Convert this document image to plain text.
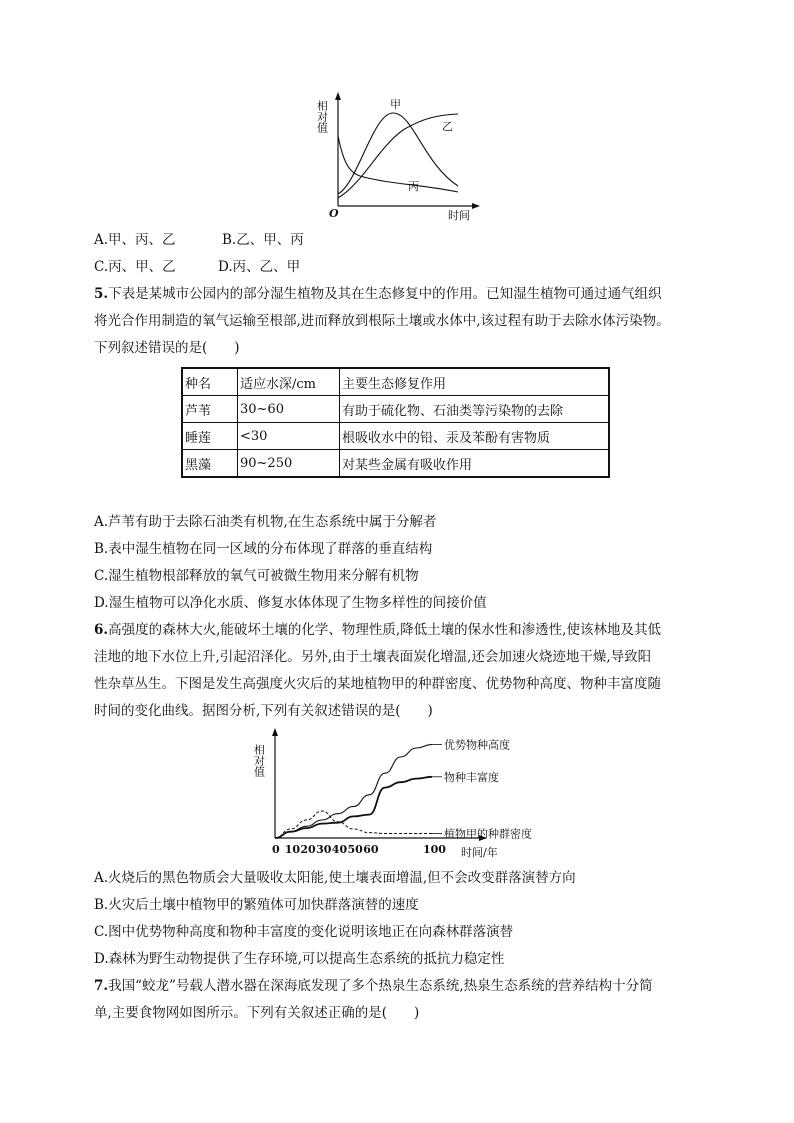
相对值
O	时间
甲
乙
丙
A.甲、丙、乙	B.乙、甲、丙
C.丙、甲、乙	D.丙、乙、甲
5.下表是某城市公园内的部分湿生植物及其在生态修复中的作用。已知湿生植物可通过通气组织
将光合作用制造的氧气运输至根部,进而释放到根际土壤或水体中,该过程有助于去除水体污染物。
下列叙述错误的是(　　)
种名	适应水深/cm	主要生态修复作用
芦苇	30~60	有助于硫化物、石油类等污染物的去除
睡莲	<30	根吸收水中的铅、汞及苯酚有害物质
黑藻	90~250	对某些金属有吸收作用
A.芦苇有助于去除石油类有机物,在生态系统中属于分解者
B.表中湿生植物在同一区域的分布体现了群落的垂直结构
C.湿生植物根部释放的氧气可被微生物用来分解有机物
D.湿生植物可以净化水质、修复水体体现了生物多样性的间接价值
6.高强度的森林大火,能破坏土壤的化学、物理性质,降低土壤的保水性和渗透性,使该林地及其低
洼地的地下水位上升,引起沼泽化。另外,由于土壤表面炭化增温,还会加速火烧迹地干燥,导致阳
性杂草丛生。下图是发生高强度火灾后的某地植物甲的种群密度、优势物种高度、物种丰富度随
时间的变化曲线。据图分析,下列有关叙述错误的是(　　)
相对值
时间/年
0 10 20 30 40 50 60	100
优势物种高度
物种丰富度
植物甲的种群密度
A.火烧后的黑色物质会大量吸收太阳能,使土壤表面增温,但不会改变群落演替方向
B.火灾后土壤中植物甲的繁殖体可加快群落演替的速度
C.图中优势物种高度和物种丰富度的变化说明该地正在向森林群落演替
D.森林为野生动物提供了生存环境,可以提高生态系统的抵抗力稳定性
7.我国“蛟龙”号载人潜水器在深海底发现了多个热泉生态系统,热泉生态系统的营养结构十分简
单,主要食物网如图所示。下列有关叙述正确的是(　　)
